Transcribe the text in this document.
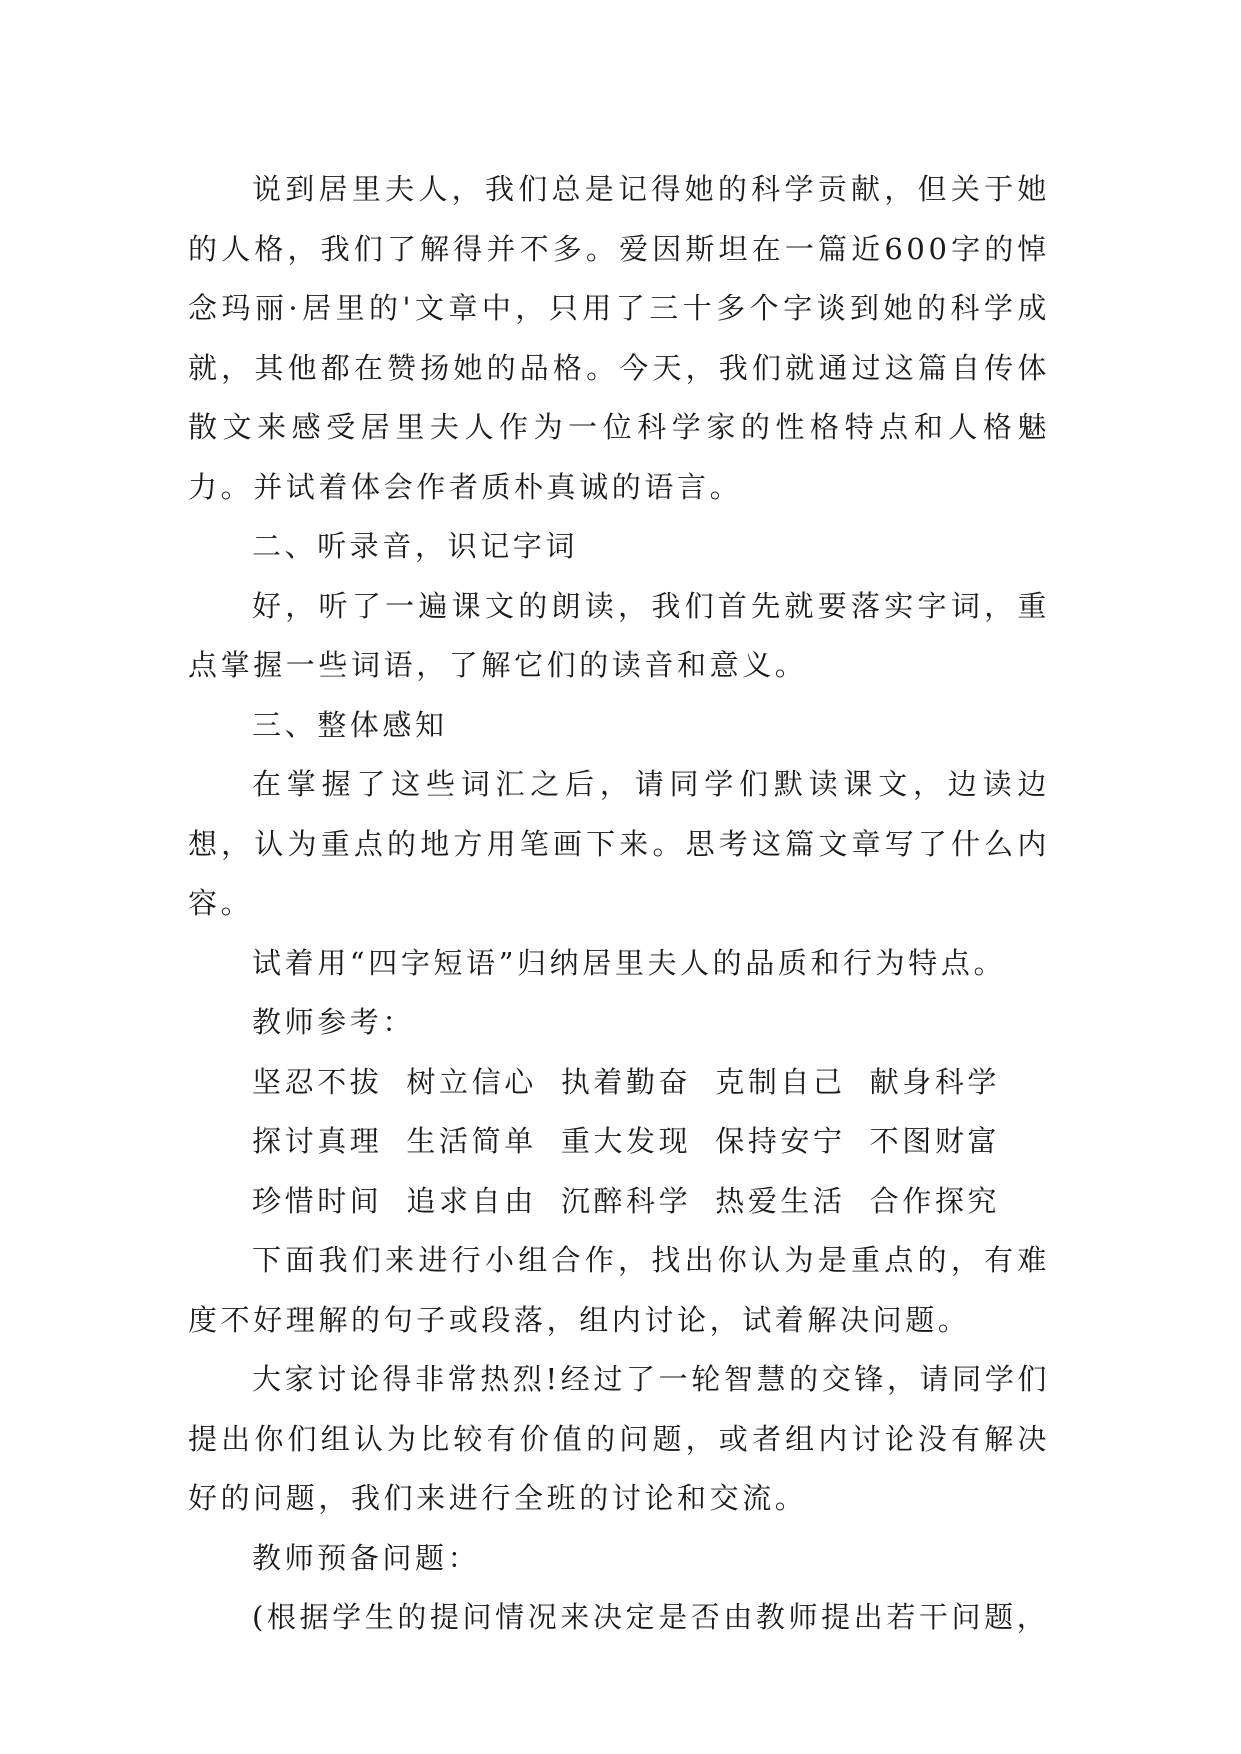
说到居里夫人，我们总是记得她的科学贡献，但关于她的人格，我们了解得并不多。爱因斯坦在一篇近600字的悼念玛丽·居里的'文章中，只用了三十多个字谈到她的科学成就，其他都在赞扬她的品格。今天，我们就通过这篇自传体散文来感受居里夫人作为一位科学家的性格特点和人格魅力。并试着体会作者质朴真诚的语言。

二、听录音，识记字词

好，听了一遍课文的朗读，我们首先就要落实字词，重点掌握一些词语，了解它们的读音和意义。

三、整体感知

在掌握了这些词汇之后，请同学们默读课文，边读边想，认为重点的地方用笔画下来。思考这篇文章写了什么内容。

试着用“四字短语”归纳居里夫人的品质和行为特点。

教师参考：

坚忍不拔 树立信心 执着勤奋 克制自己 献身科学
探讨真理 生活简单 重大发现 保持安宁 不图财富
珍惜时间 追求自由 沉醉科学 热爱生活 合作探究

下面我们来进行小组合作，找出你认为是重点的，有难度不好理解的句子或段落，组内讨论，试着解决问题。

大家讨论得非常热烈!经过了一轮智慧的交锋，请同学们提出你们组认为比较有价值的问题，或者组内讨论没有解决好的问题，我们来进行全班的讨论和交流。

教师预备问题：

(根据学生的提问情况来决定是否由教师提出若干问题，
